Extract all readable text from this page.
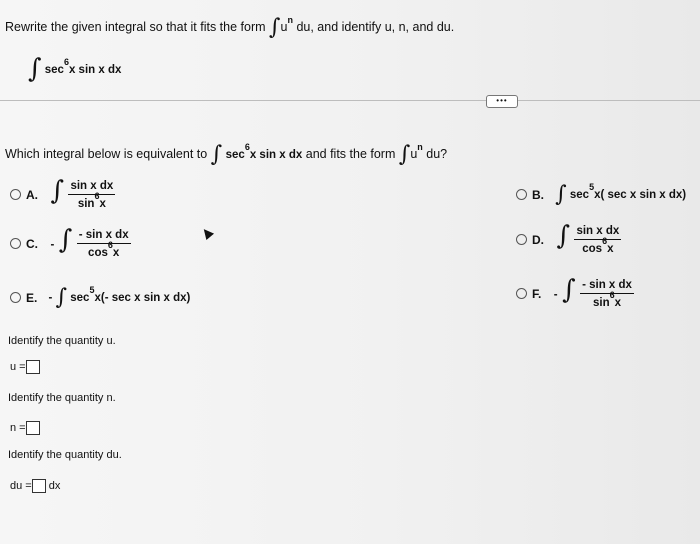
Rewrite the given integral so that it fits the form $\int u^n$ du, and identify u, n, and du.
∫ $\sec^6x$ sin x dx
•••
Which integral below is equivalent to ∫ $\sec^6x$ sin x dx and fits the form $\int u^n$ du?
A. ∫ $\frac{\text{sin x dx}}{\sin^6x}$
C. - ∫ $\frac{\text{- sin x dx}}{\cos^6x}$
E. - ∫ $\sec^5x(-$ sec x sin x dx)
B. ∫ $\sec^5x$( sec x sin x dx)
D. ∫ $\frac{\text{sin x dx}}{\cos^6x}$
F. - ∫ $\frac{\text{- sin x dx}}{\sin^6x}$
Identify the quantity u.
u =
Identify the quantity n.
n =
Identify the quantity du.
du = dx
